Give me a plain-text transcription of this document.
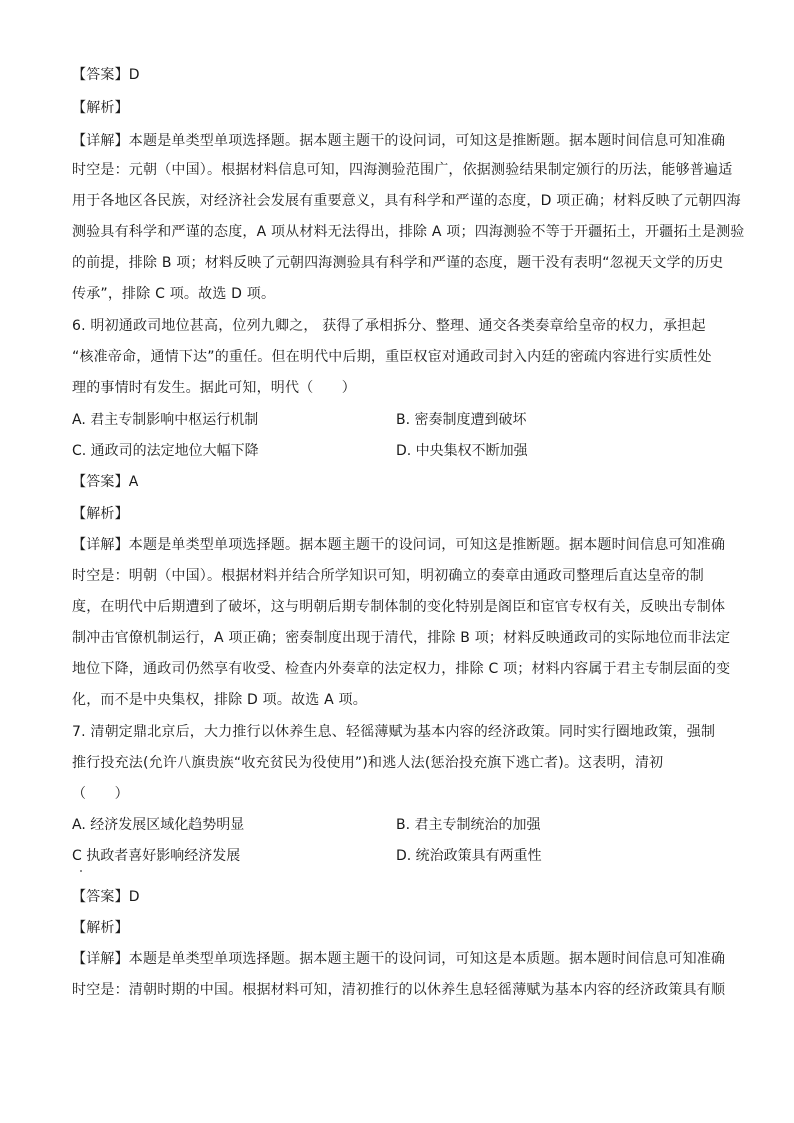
【答案】D
【解析】
【详解】本题是单类型单项选择题。据本题主题干的设问词，可知这是推断题。据本题时间信息可知准确
时空是：元朝（中国）。根据材料信息可知，四海测验范围广，依据测验结果制定颁行的历法，能够普遍适
用于各地区各民族，对经济社会发展有重要意义，具有科学和严谨的态度，D 项正确；材料反映了元朝四海
测验具有科学和严谨的态度，A 项从材料无法得出，排除 A 项；四海测验不等于开疆拓土，开疆拓土是测验
的前提，排除 B 项；材料反映了元朝四海测验具有科学和严谨的态度，题干没有表明“忽视天文学的历史
传承”，排除 C 项。故选 D 项。
6. 明初通政司地位甚高，位列九卿之， 获得了承相拆分、整理、通交各类奏章给皇帝的权力，承担起
“核准帝命，通情下达”的重任。但在明代中后期，重臣权宦对通政司封入内廷的密疏内容进行实质性处
理的事情时有发生。据此可知，明代（　　）
A. 君主专制影响中枢运行机制	B. 密奏制度遭到破坏
C. 通政司的法定地位大幅下降	D. 中央集权不断加强
【答案】A
【解析】
【详解】本题是单类型单项选择题。据本题主题干的设问词，可知这是推断题。据本题时间信息可知准确
时空是：明朝（中国）。根据材料并结合所学知识可知，明初确立的奏章由通政司整理后直达皇帝的制
度，在明代中后期遭到了破坏，这与明朝后期专制体制的变化特别是阁臣和宦官专权有关，反映出专制体
制冲击官僚机制运行，A 项正确；密奏制度出现于清代，排除 B 项；材料反映通政司的实际地位而非法定
地位下降，通政司仍然享有收受、检查内外奏章的法定权力，排除 C 项；材料内容属于君主专制层面的变
化，而不是中央集权，排除 D 项。故选 A 项。
7. 清朝定鼎北京后，大力推行以休养生息、轻徭薄赋为基本内容的经济政策。同时实行圈地政策，强制
推行投充法(允许八旗贵族“收充贫民为役使用”)和逃人法(惩治投充旗下逃亡者)。这表明，清初
（　　）
A. 经济发展区域化趋势明显	B. 君主专制统治的加强
C 执政者喜好影响经济发展	D. 统治政策具有两重性
【答案】D
【解析】
【详解】本题是单类型单项选择题。据本题主题干的设问词，可知这是本质题。据本题时间信息可知准确
时空是：清朝时期的中国。根据材料可知，清初推行的以休养生息轻徭薄赋为基本内容的经济政策具有顺
